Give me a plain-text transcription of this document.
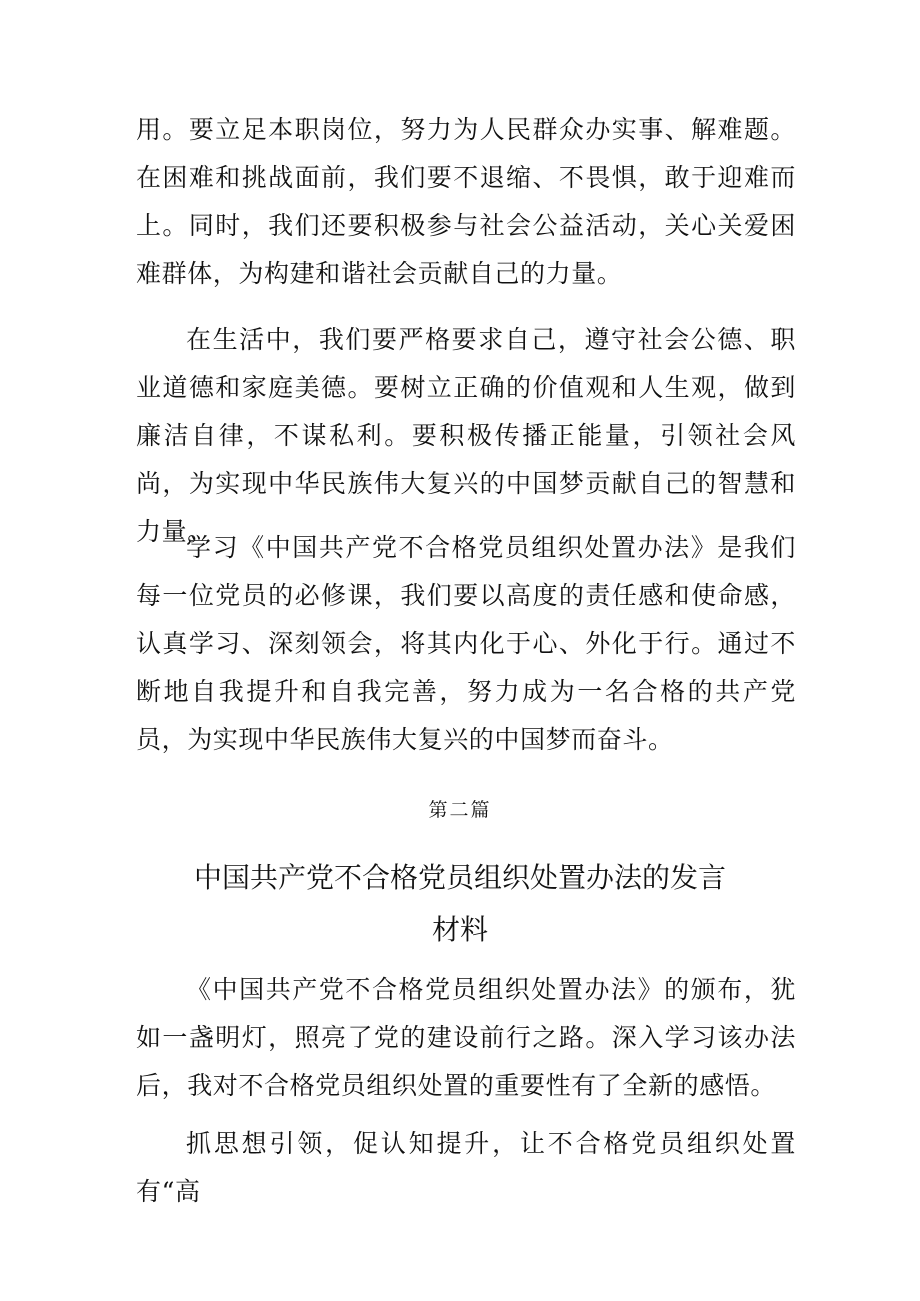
用。要立足本职岗位，努力为人民群众办实事、解难题。在困难和挑战面前，我们要不退缩、不畏惧，敢于迎难而上。同时，我们还要积极参与社会公益活动，关心关爱困难群体，为构建和谐社会贡献自己的力量。

在生活中，我们要严格要求自己，遵守社会公德、职业道德和家庭美德。要树立正确的价值观和人生观，做到廉洁自律，不谋私利。要积极传播正能量，引领社会风尚，为实现中华民族伟大复兴的中国梦贡献自己的智慧和力量。

学习《中国共产党不合格党员组织处置办法》是我们每一位党员的必修课，我们要以高度的责任感和使命感，认真学习、深刻领会，将其内化于心、外化于行。通过不断地自我提升和自我完善，努力成为一名合格的共产党员，为实现中华民族伟大复兴的中国梦而奋斗。

第二篇

中国共产党不合格党员组织处置办法的发言材料

《中国共产党不合格党员组织处置办法》的颁布，犹如一盏明灯，照亮了党的建设前行之路。深入学习该办法后，我对不合格党员组织处置的重要性有了全新的感悟。

抓思想引领，促认知提升，让不合格党员组织处置有“高
